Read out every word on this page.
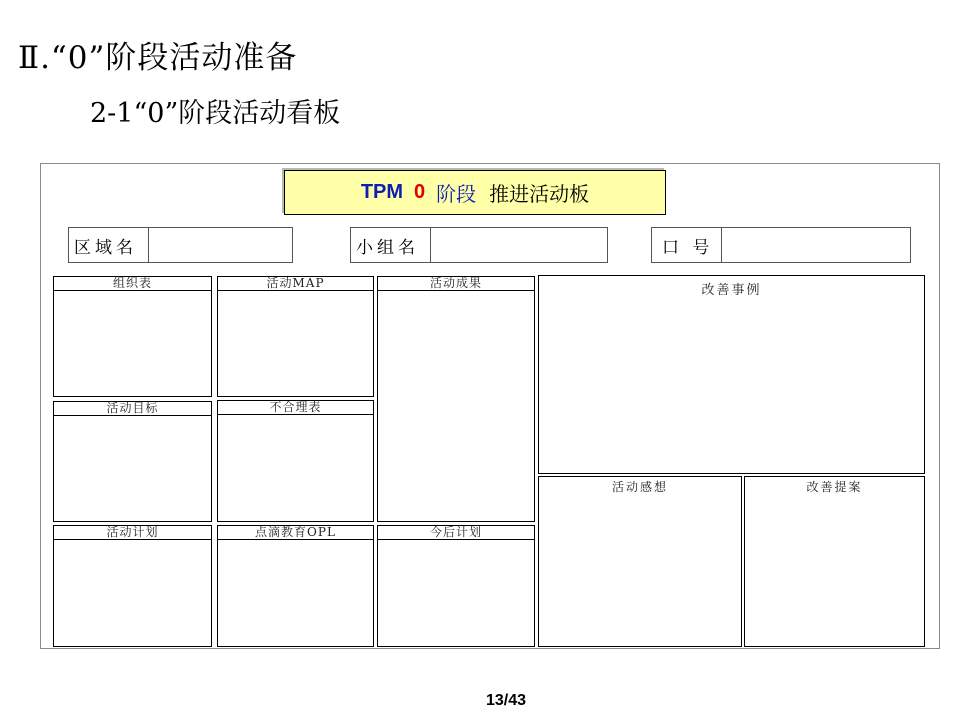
Ⅱ.“0”阶段活动准备
2-1“0”阶段活动看板
TPM 0 阶段 推进活动板
区域名	小组名	口 号
组织表	活动MAP	活动成果	改善事例
活动目标	不合理表
活动感想	改善提案
活动计划	点滴教育OPL	今后计划
13/43
